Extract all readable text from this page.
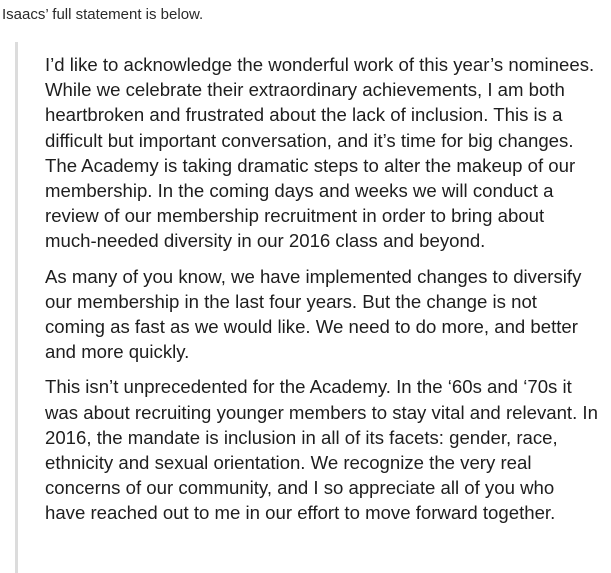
Isaacs’ full statement is below.

I’d like to acknowledge the wonderful work of this year’s nominees.
While we celebrate their extraordinary achievements, I am both
heartbroken and frustrated about the lack of inclusion. This is a
difficult but important conversation, and it’s time for big changes.
The Academy is taking dramatic steps to alter the makeup of our
membership. In the coming days and weeks we will conduct a
review of our membership recruitment in order to bring about
much-needed diversity in our 2016 class and beyond.

As many of you know, we have implemented changes to diversify
our membership in the last four years. But the change is not
coming as fast as we would like. We need to do more, and better
and more quickly.

This isn’t unprecedented for the Academy. In the ‘60s and ‘70s it
was about recruiting younger members to stay vital and relevant. In
2016, the mandate is inclusion in all of its facets: gender, race,
ethnicity and sexual orientation. We recognize the very real
concerns of our community, and I so appreciate all of you who
have reached out to me in our effort to move forward together.
